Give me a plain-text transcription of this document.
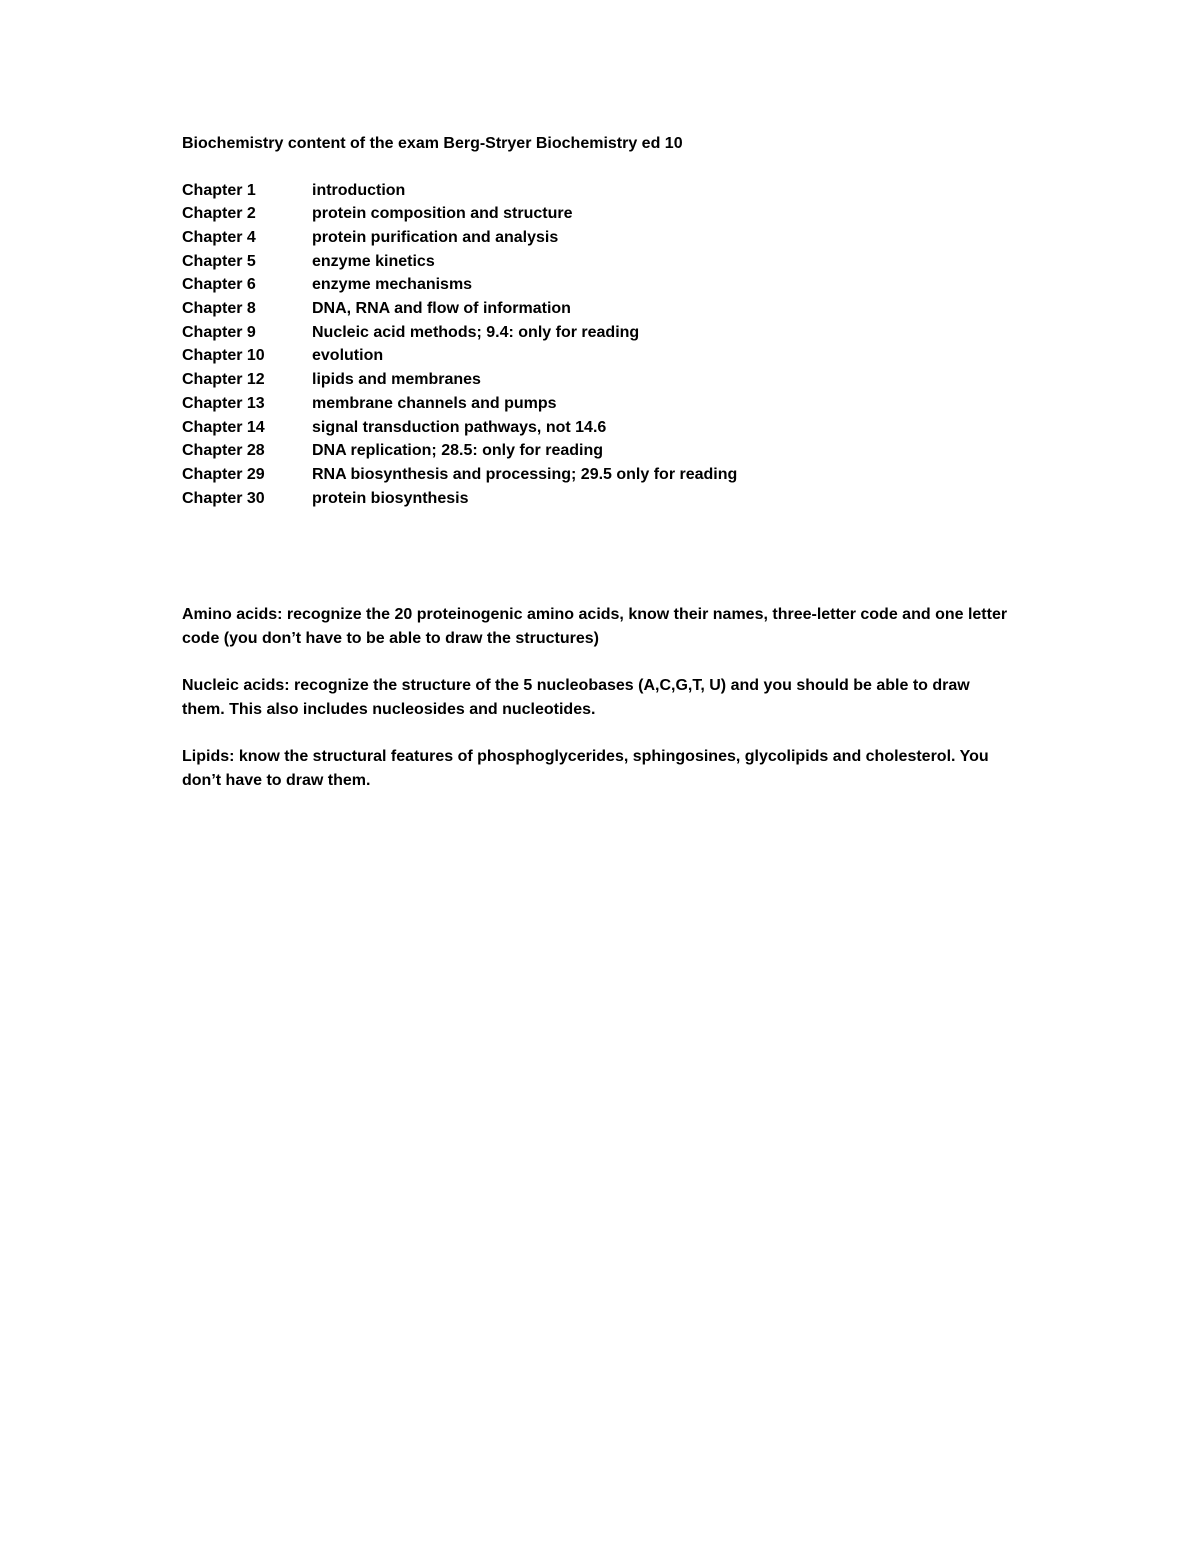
Biochemistry content of the exam Berg-Stryer Biochemistry ed 10
Chapter 1	introduction
Chapter 2	protein composition and structure
Chapter 4	protein purification and analysis
Chapter 5	enzyme kinetics
Chapter 6	enzyme mechanisms
Chapter 8	DNA, RNA and flow of information
Chapter 9	Nucleic acid methods; 9.4: only for reading
Chapter 10	evolution
Chapter 12	lipids and membranes
Chapter 13	membrane channels and pumps
Chapter 14	signal transduction pathways, not 14.6
Chapter 28	DNA replication; 28.5: only for reading
Chapter 29	RNA biosynthesis and processing; 29.5 only for reading
Chapter 30	protein biosynthesis

Amino acids: recognize the 20 proteinogenic amino acids, know their names, three-letter code and one letter code (you don’t have to be able to draw the structures)

Nucleic acids: recognize the structure of the 5 nucleobases (A,C,G,T, U) and you should be able to draw them. This also includes nucleosides and nucleotides.

Lipids: know the structural features of phosphoglycerides, sphingosines, glycolipids and cholesterol. You don’t have to draw them.
